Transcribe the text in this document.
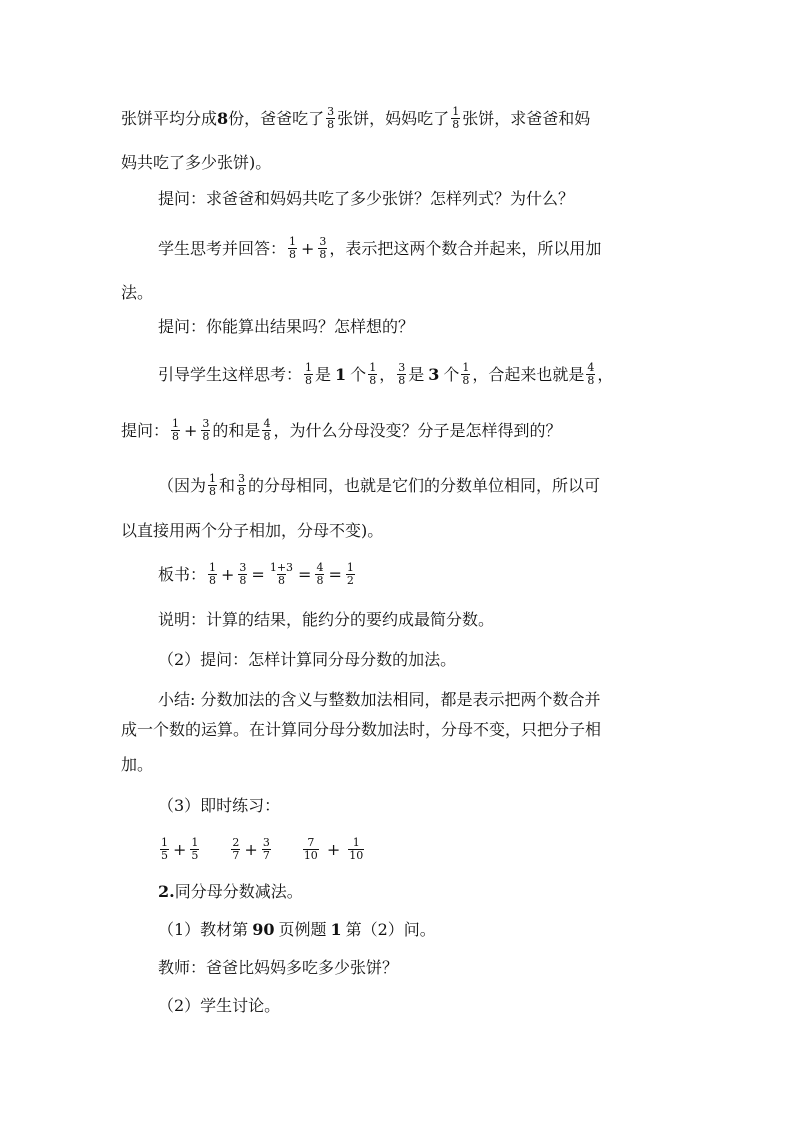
张饼平均分成 8 份，爸爸吃了 $\frac{3}{8}$ 张饼，妈妈吃了 $\frac{1}{8}$ 张饼，求爸爸和妈
妈共吃了多少张饼)。
提问：求爸爸和妈妈共吃了多少张饼？怎样列式？为什么？
学生思考并回答： $\frac{1}{8} + \frac{3}{8}$ ，表示把这两个数合并起来，所以用加
法。
提问：你能算出结果吗？怎样想的？
引导学生这样思考： $\frac{1}{8}$ 是 1 个 $\frac{1}{8}$ ， $\frac{3}{8}$ 是 3 个 $\frac{1}{8}$ ，合起来也就是 $\frac{4}{8}$ ，
提问： $\frac{1}{8} + \frac{3}{8}$ 的和是 $\frac{4}{8}$ ，为什么分母没变？分子是怎样得到的？
（因为 $\frac{1}{8}$ 和 $\frac{3}{8}$ 的分母相同，也就是它们的分数单位相同，所以可
以直接用两个分子相加，分母不变)。
板书： $\frac{1}{8} + \frac{3}{8} = \frac{1+3}{8} = \frac{4}{8} = \frac{1}{2}$
说明：计算的结果，能约分的要约成最简分数。
（2）提问：怎样计算同分母分数的加法。
小结: 分数加法的含义与整数加法相同，都是表示把两个数合并
成一个数的运算。在计算同分母分数加法时，分母不变，只把分子相
加。
（3）即时练习：
$\frac{1}{5} + \frac{1}{5}$	$\frac{2}{7} + \frac{3}{7}$	$\frac{7}{10} + \frac{1}{10}$
2. 同分母分数减法。
（1）教材第 90 页例题 1 第（2）问。
教师：爸爸比妈妈多吃多少张饼？
（2）学生讨论。
